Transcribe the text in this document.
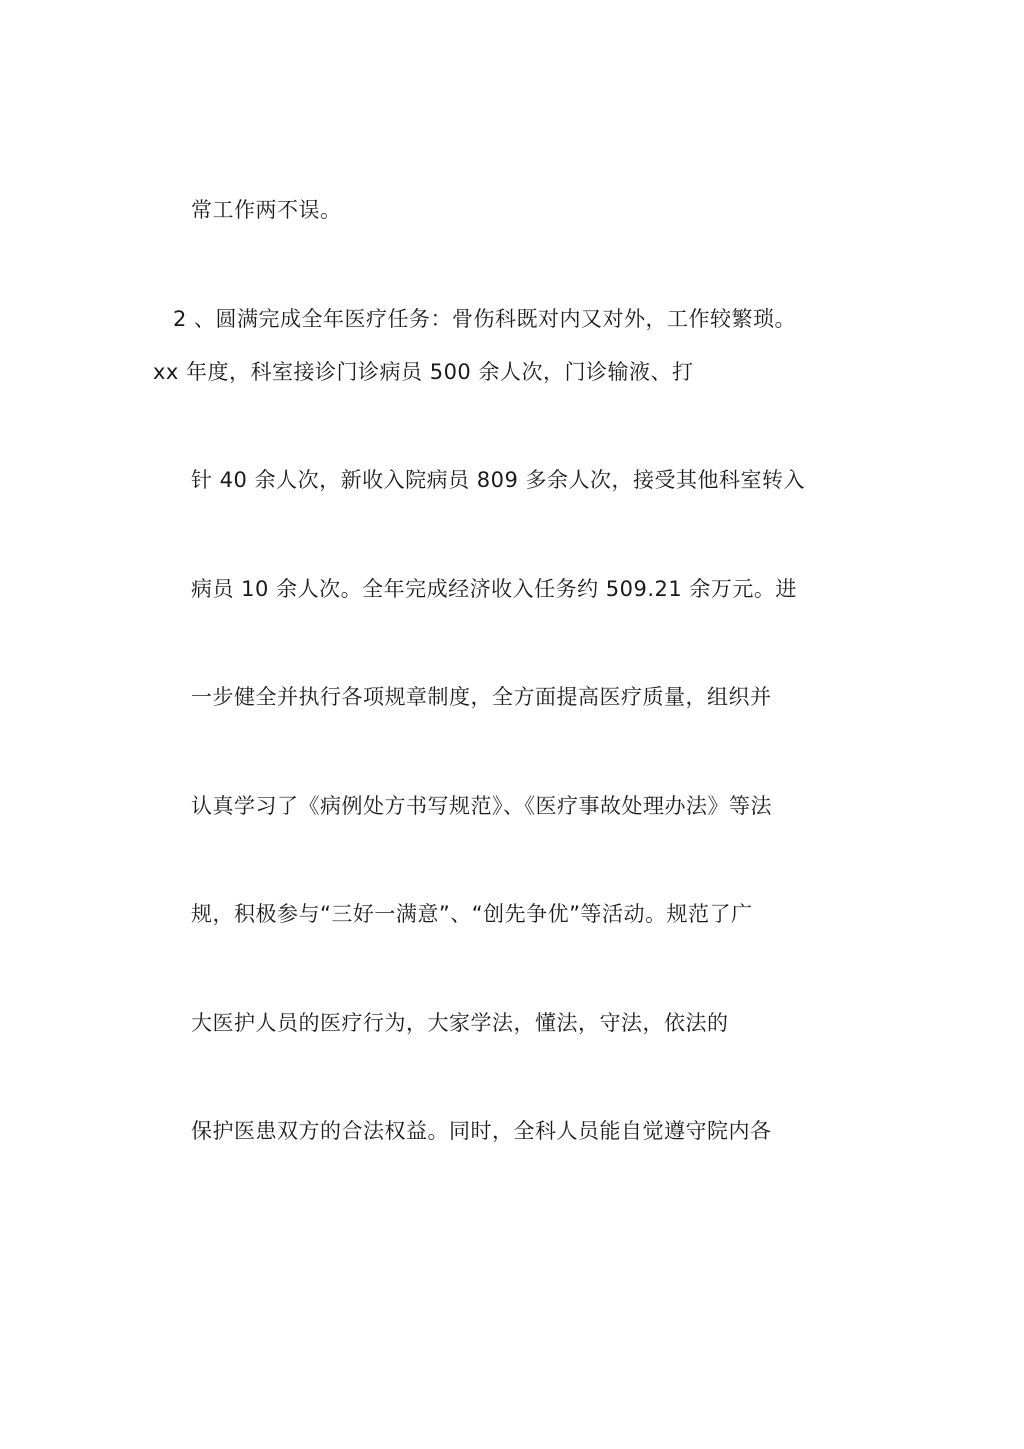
常工作两不误。
2 、圆满完成全年医疗任务：骨伤科既对内又对外，工作较繁琐。
xx 年度，科室接诊门诊病员 500 余人次，门诊输液、打
针 40 余人次，新收入院病员 809 多余人次，接受其他科室转入
病员 10 余人次。全年完成经济收入任务约 509.21 余万元。进
一步健全并执行各项规章制度，全方面提高医疗质量，组织并
认真学习了《病例处方书写规范》、《医疗事故处理办法》等法
规，积极参与“三好一满意”、“创先争优”等活动。规范了广
大医护人员的医疗行为，大家学法，懂法，守法，依法的
保护医患双方的合法权益。同时，全科人员能自觉遵守院内各
